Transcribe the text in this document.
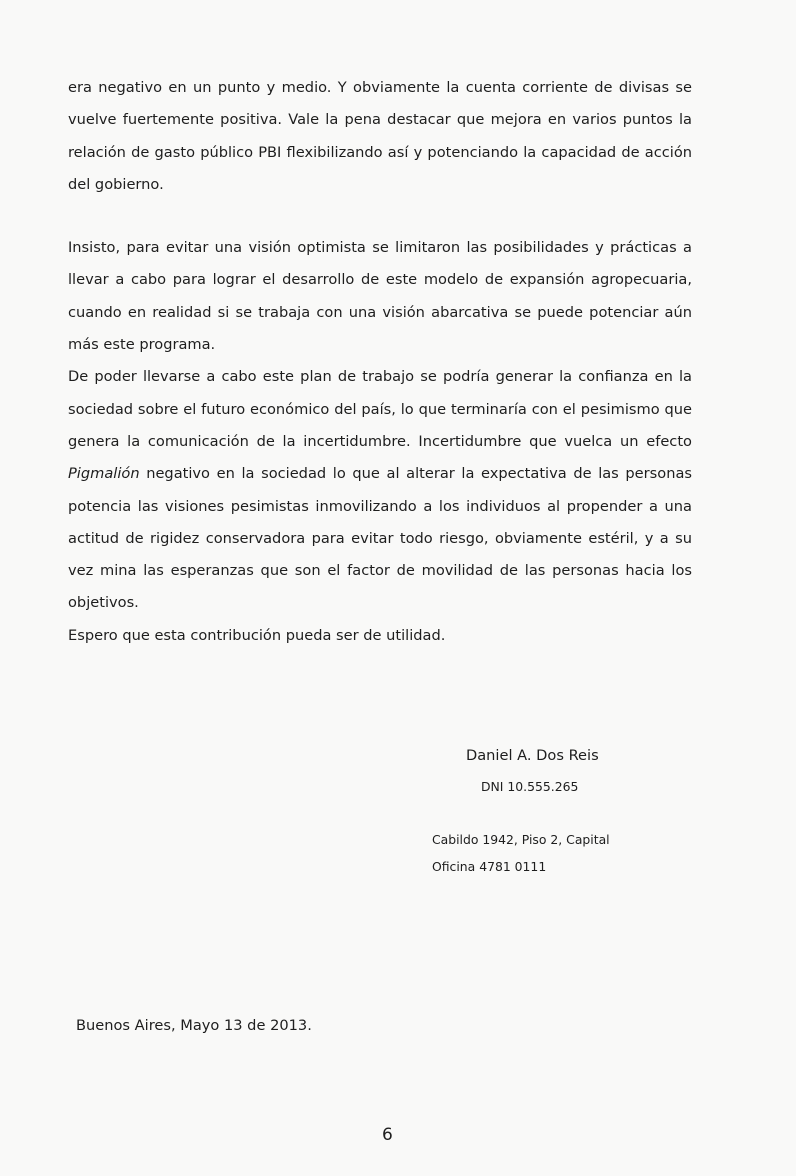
era negativo en un punto y medio. Y obviamente la cuenta corriente de divisas se vuelve fuertemente positiva. Vale la pena destacar que mejora en varios puntos la relación de gasto público PBI flexibilizando así y potenciando la capacidad de acción del gobierno.

Insisto, para evitar una visión optimista se limitaron las posibilidades y prácticas a llevar a cabo para lograr el desarrollo de este modelo de expansión agropecuaria, cuando en realidad si se trabaja con una visión abarcativa se puede potenciar aún más este programa.

De poder llevarse a cabo este plan de trabajo se podría generar la confianza en la sociedad sobre el futuro económico del país, lo que terminaría con el pesimismo que genera la comunicación de la incertidumbre. Incertidumbre que vuelca un efecto Pigmalión negativo en la sociedad lo que al alterar la expectativa de las personas potencia las visiones pesimistas inmovilizando a los individuos al propender a una actitud de rigidez conservadora para evitar todo riesgo, obviamente estéril, y a su vez mina las esperanzas que son el factor de movilidad de las personas hacia los objetivos.

Espero que esta contribución pueda ser de utilidad.

Daniel A. Dos Reis
DNI 10.555.265
Cabildo 1942, Piso 2, Capital
Oficina 4781 0111
Buenos Aires, Mayo 13 de 2013.
6
